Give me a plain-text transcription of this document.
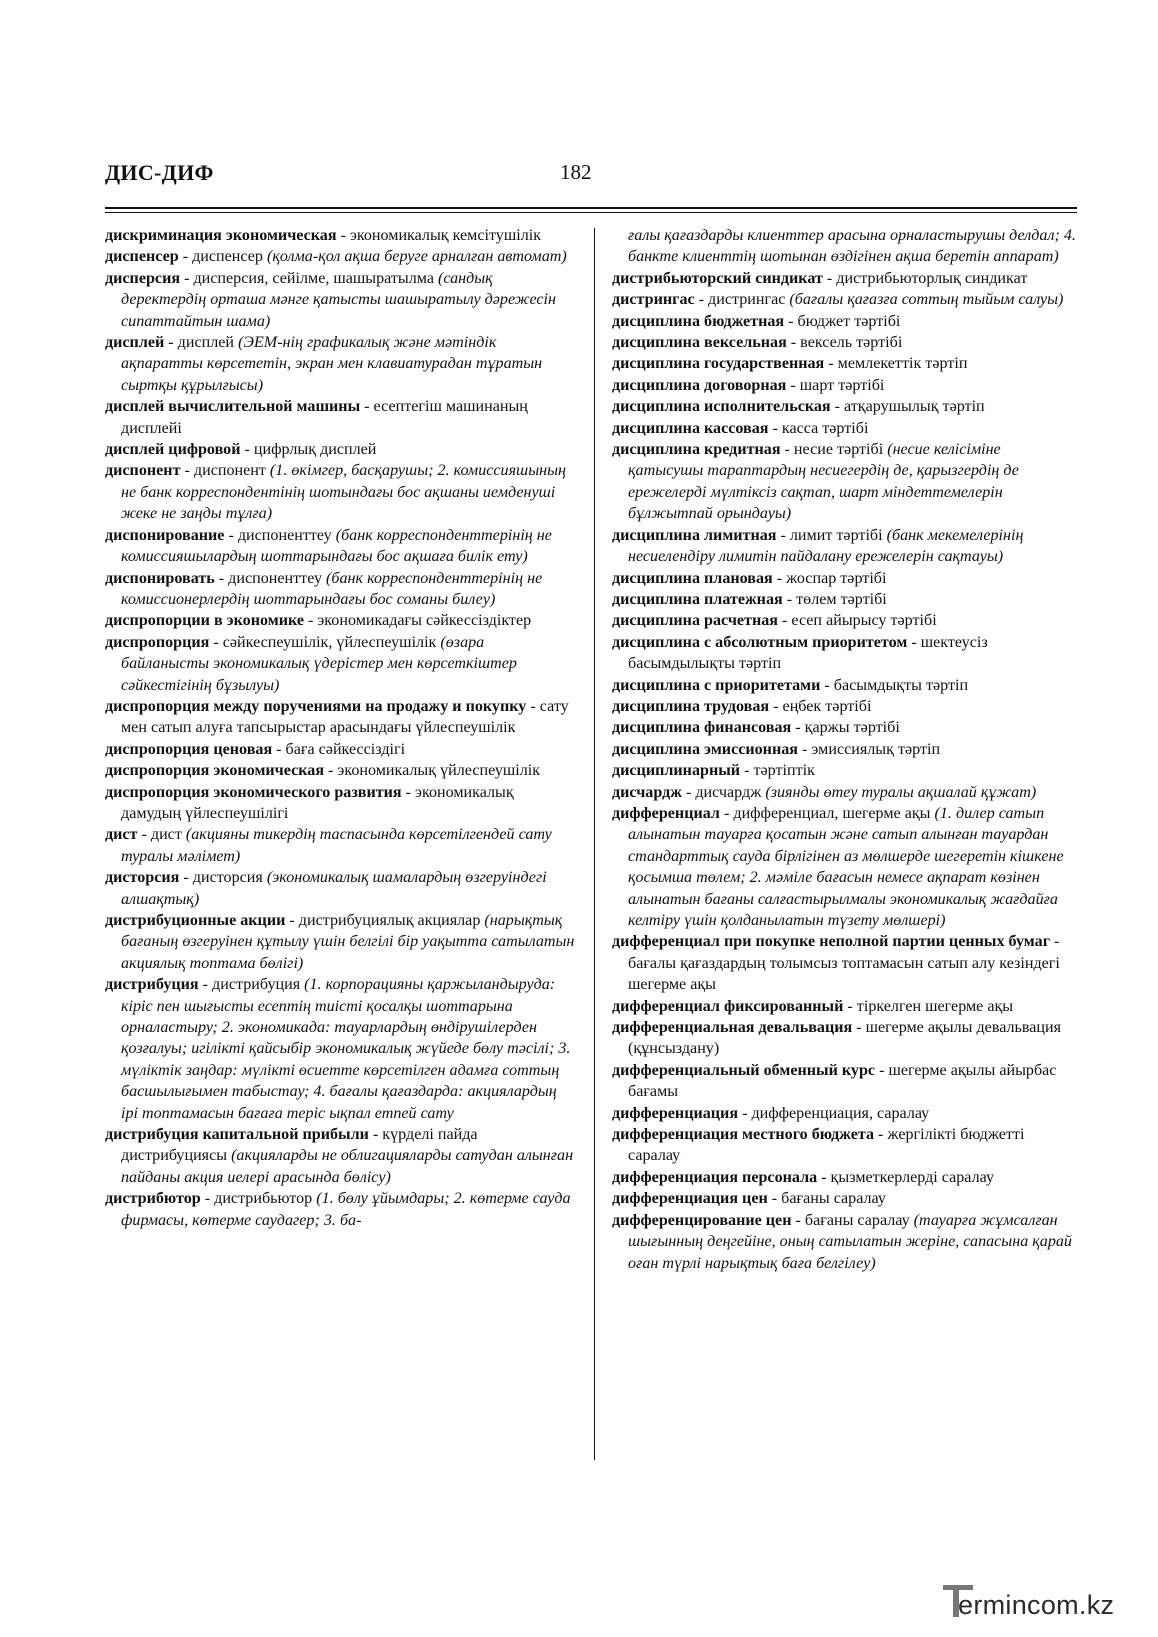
ДИС-ДИФ	182

дискриминация экономическая - экономикалық кемсітушілік

диспенсер - диспенсер (қолма-қол ақша беруге арналған автомат)

дисперсия - дисперсия, сейілме, шашыратылма (сандық деректердің орташа мәнге қатысты шашыратылу дәрежесін сипаттайтын шама)

дисплей - дисплей (ЭЕМ-нің графикалық және мәтіндік ақпаратты көрсететін, экран мен клавиатурадан тұратын сыртқы құрылғысы)

дисплей вычислительной машины - есептегіш машинаның дисплейі

дисплей цифровой - цифрлық дисплей

диспонент - диспонент (1. өкімгер, басқарушы; 2. комиссияшының не банк корреспондентінің шотындағы бос ақшаны иемденуші жеке не заңды тұлға)

диспонирование - диспоненттеу (банк корреспонденттерінің не комиссияшылардың шоттарындағы бос ақшаға билік ету)

диспонировать - диспоненттеу (банк корреспонденттерінің не комиссионерлердің шоттарындағы бос соманы билеу)

диспропорции в экономике - экономикадағы сәйкессіздіктер

диспропорция - сәйкеспеушілік, үйлеспеушілік (өзара байланысты экономикалық үдерістер мен көрсеткіштер сәйкестігінің бұзылуы)

диспропорция между поручениями на продажу и покупку - сату мен сатып алуға тапсырыстар арасындағы үйлеспеушілік

диспропорция ценовая - баға сәйкессіздігі

диспропорция экономическая - экономикалық үйлеспеушілік

диспропорция экономического развития - экономикалық дамудың үйлеспеушілігі

дист - дист (акцияны тикердің таспасында көрсетілгендей сату туралы мәлімет)

дисторсия - дисторсия (экономикалық шамалардың өзгеруіндегі алшақтық)

дистрибуционные акции - дистрибуциялық акциялар (нарықтық бағаның өзгеруінен құтылу үшін белгілі бір уақытта сатылатын акциялық топтама бөлігі)

дистрибуция - дистрибуция (1. корпорацияны қаржыландыруда: кіріс пен шығысты есептің тиісті қосалқы шоттарына орналастыру; 2. экономикада: тауарлардың өндірушілерден қозғалуы; игілікті қайсыбір экономикалық жүйеде бөлу тәсілі; 3. мүліктік заңдар: мүлікті өсиетте көрсетілген адамға соттың басшылығымен табыстау; 4. бағалы қағаздарда: акциялардың ірі топтамасын бағаға теріс ықпал етпей сату

дистрибуция капитальной прибыли - күрделі пайда дистрибуциясы (акцияларды не облигацияларды сатудан алынған пайданы акция иелері арасында бөлісу)

дистрибютор - дистрибьютор (1. бөлу ұйымдары; 2. көтерме сауда фирмасы, көтерме саудагер; 3. ба-

ғалы қағаздарды клиенттер арасына орналастырушы делдал; 4. банкте клиенттің шотынан өздігінен ақша беретін аппарат)

дистрибьюторский синдикат - дистрибьюторлық синдикат

дистрингас - дистрингас (бағалы қағазға соттың тыйым салуы)

дисциплина бюджетная - бюджет тәртібі

дисциплина вексельная - вексель тәртібі

дисциплина государственная - мемлекеттік тәртіп

дисциплина договорная - шарт тәртібі

дисциплина исполнительская - атқарушылық тәртіп

дисциплина кассовая - касса тәртібі

дисциплина кредитная - несие тәртібі (несие келісіміне қатысушы тараптардың несиегердің де, қарызгердің де ережелерді мүлтіксіз сақтап, шарт міндеттемелерін бұлжытпай орындауы)

дисциплина лимитная - лимит тәртібі (банк мекемелерінің несиелендіру лимитін пайдалану ережелерін сақтауы)

дисциплина плановая - жоспар тәртібі

дисциплина платежная - төлем тәртібі

дисциплина расчетная - есеп айырысу тәртібі

дисциплина с абсолютным приоритетом - шектеусіз басымдылықты тәртіп

дисциплина с приоритетами - басымдықты тәртіп

дисциплина трудовая - еңбек тәртібі

дисциплина финансовая - қаржы тәртібі

дисциплина эмиссионная - эмиссиялық тәртіп

дисциплинарный - тәртіптік

дисчардж - дисчардж (зиянды өтеу туралы ақшалай құжат)

дифференциал - дифференциал, шегерме ақы (1. дилер сатып алынатын тауарға қосатын және сатып алынған тауардан стандарттық сауда бірлігінен аз мөлшерде шегеретін кішкене қосымша төлем; 2. мәміле бағасын немесе ақпарат көзінен алынатын бағаны салғастырылмалы экономикалық жағдайға келтіру үшін қолданылатын түзету мөлшері)

дифференциал при покупке неполной партии ценных бумаг - бағалы қағаздардың толымсыз топтамасын сатып алу кезіндегі шегерме ақы

дифференциал фиксированный - тіркелген шегерме ақы

дифференциальная девальвация - шегерме ақылы девальвация (құнсыздану)

дифференциальный обменный курс - шегерме ақылы айырбас бағамы

дифференциация - дифференциация, саралау

дифференциация местного бюджета - жергілікті бюджетті саралау

дифференциация персонала - қызметкерлерді саралау

дифференциация цен - бағаны саралау

дифференцирование цен - бағаны саралау (тауарға жұмсалған шығынның деңгейіне, оның сатылатын жеріне, сапасына қарай оған түрлі нарықтық баға белгілеу)

ermincom.kz
